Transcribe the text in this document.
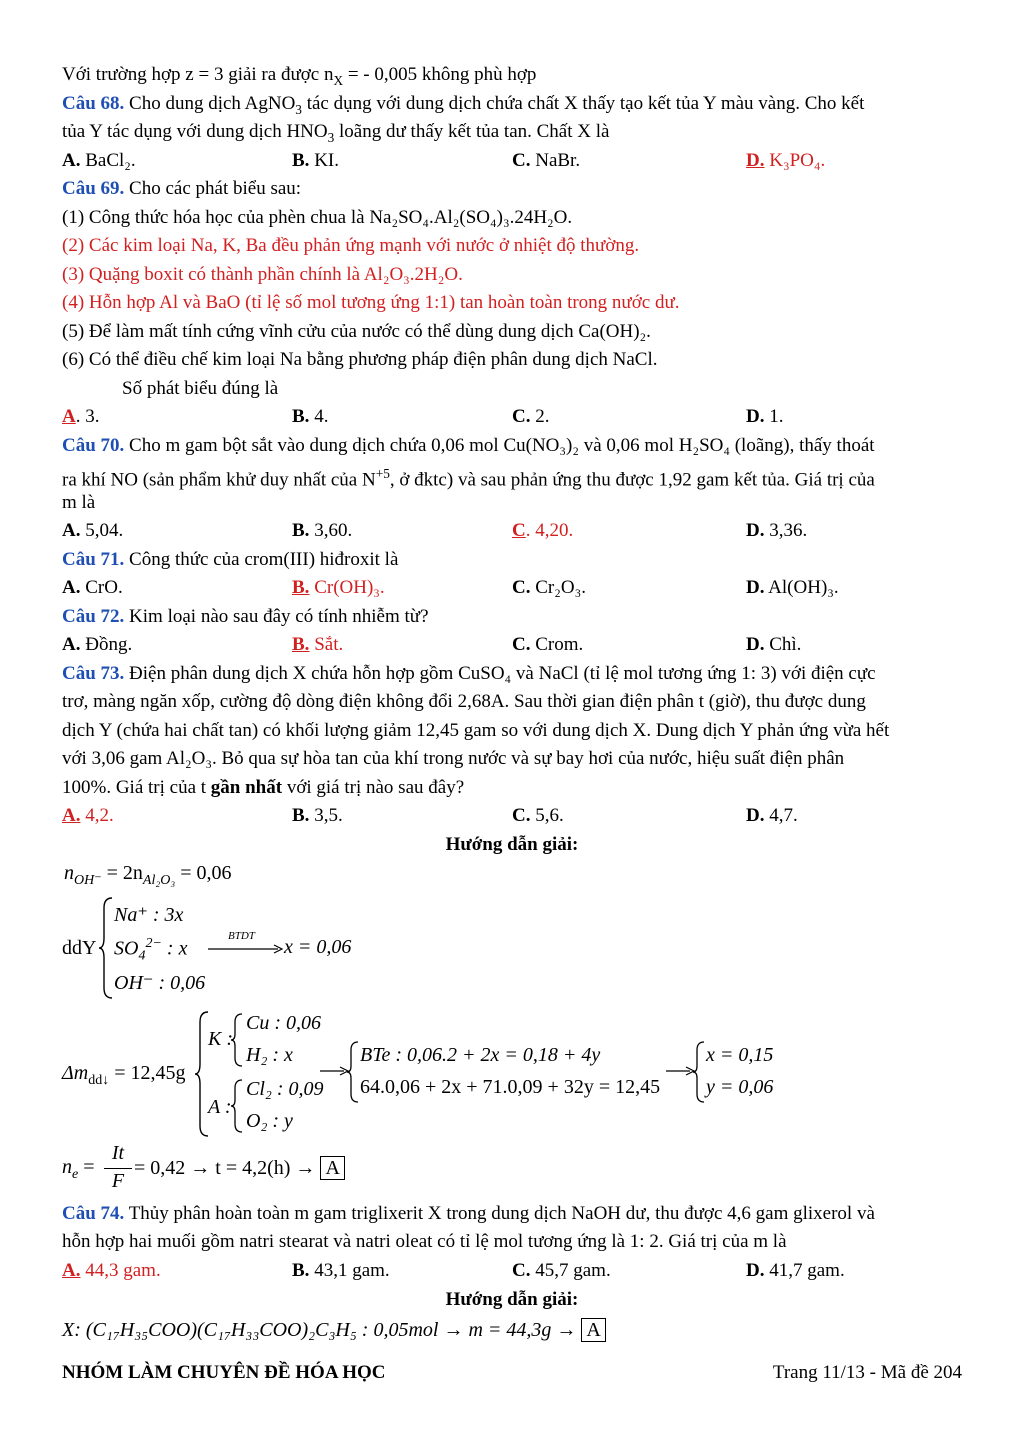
Với trường hợp z = 3 giải ra được $n_X$ = - 0,005 không phù hợp
Câu 68. Cho dung dịch AgNO$_3$ tác dụng với dung dịch chứa chất X thấy tạo kết tủa Y màu vàng. Cho kết
tủa Y tác dụng với dung dịch $HNO_3$ loãng dư thấy kết tủa tan. Chất X là
A. BaCl₂.	B. KI.	C. NaBr.	D. K₃PO₄.
Câu 69. Cho các phát biểu sau:
(1) Công thức hóa học của phèn chua là Na₂SO₄.Al₂(SO₄)₃.24H₂O.
(2) Các kim loại Na, K, Ba đều phản ứng mạnh với nước ở nhiệt độ thường.
(3) Quặng boxit có thành phần chính là Al₂O₃.2H₂O.
(4) Hỗn hợp Al và BaO (tỉ lệ số mol tương ứng 1:1) tan hoàn toàn trong nước dư.
(5) Để làm mất tính cứng vĩnh cửu của nước có thể dùng dung dịch Ca(OH)₂.
(6) Có thể điều chế kim loại Na bằng phương pháp điện phân dung dịch NaCl.
Số phát biểu đúng là
A. 3.	B. 4.	C. 2.	D. 1.
Câu 70. Cho m gam bột sắt vào dung dịch chứa 0,06 mol Cu(NO₃)₂ và 0,06 mol H₂SO₄ (loãng), thấy thoát
ra khí NO (sản phẩm khử duy nhất của $N^{+5}$, ở đktc) và sau phản ứng thu được 1,92 gam kết tủa. Giá trị của
m là
A. 5,04.	B. 3,60.	C. 4,20.	D. 3,36.
Câu 71. Công thức của crom(III) hiđroxit là
A. CrO.	B. Cr(OH)₃.	C. Cr₂O₃.	D. Al(OH)₃.
Câu 72. Kim loại nào sau đây có tính nhiễm từ?
A. Đồng.	B. Sắt.	C. Crom.	D. Chì.
Câu 73. Điện phân dung dịch X chứa hỗn hợp gồm CuSO₄ và NaCl (tỉ lệ mol tương ứng 1: 3) với điện cực
trơ, màng ngăn xốp, cường độ dòng điện không đổi 2,68A. Sau thời gian điện phân t (giờ), thu được dung
dịch Y (chứa hai chất tan) có khối lượng giảm 12,45 gam so với dung dịch X. Dung dịch Y phản ứng vừa hết
với 3,06 gam Al₂O₃. Bỏ qua sự hòa tan của khí trong nước và sự bay hơi của nước, hiệu suất điện phân
100%. Giá trị của t gần nhất với giá trị nào sau đây?
A. 4,2.	B. 3,5.	C. 5,6.	D. 4,7.
Hướng dẫn giải:
$n_{OH^-} = 2n_{Al_2O_3} = 0,06$
ddY
Na⁺ : 3x
$SO_4^{2-}$ : x
OH⁻ : 0,06
BTDT x = 0,06
$\Delta m_{dd↓} = 12,45g$
K :
A :
Cu : 0,06
H₂ : x
Cl₂ : 0,09
O₂ : y
BTe : 0,06.2 + 2x = 0,18 + 4y
64.0,06 + 2x + 71.0,09 + 32y = 12,45
x = 0,15
y = 0,06
$n_e$ =
It
F
= 0,42 → t = 4,2(h) → A
Câu 74. Thủy phân hoàn toàn m gam triglixerit X trong dung dịch NaOH dư, thu được 4,6 gam glixerol và
hỗn hợp hai muối gồm natri stearat và natri oleat có tỉ lệ mol tương ứng là 1: 2. Giá trị của m là
A. 44,3 gam.	B. 43,1 gam.	C. 45,7 gam.	D. 41,7 gam.
Hướng dẫn giải:
X: (C₁₇H₃₅COO)(C₁₇H₃₃COO)₂C₃H₅ : 0,05mol → m = 44,3g → A
NHÓM LÀM CHUYÊN ĐỀ HÓA HỌC	Trang 11/13 - Mã đề 204
